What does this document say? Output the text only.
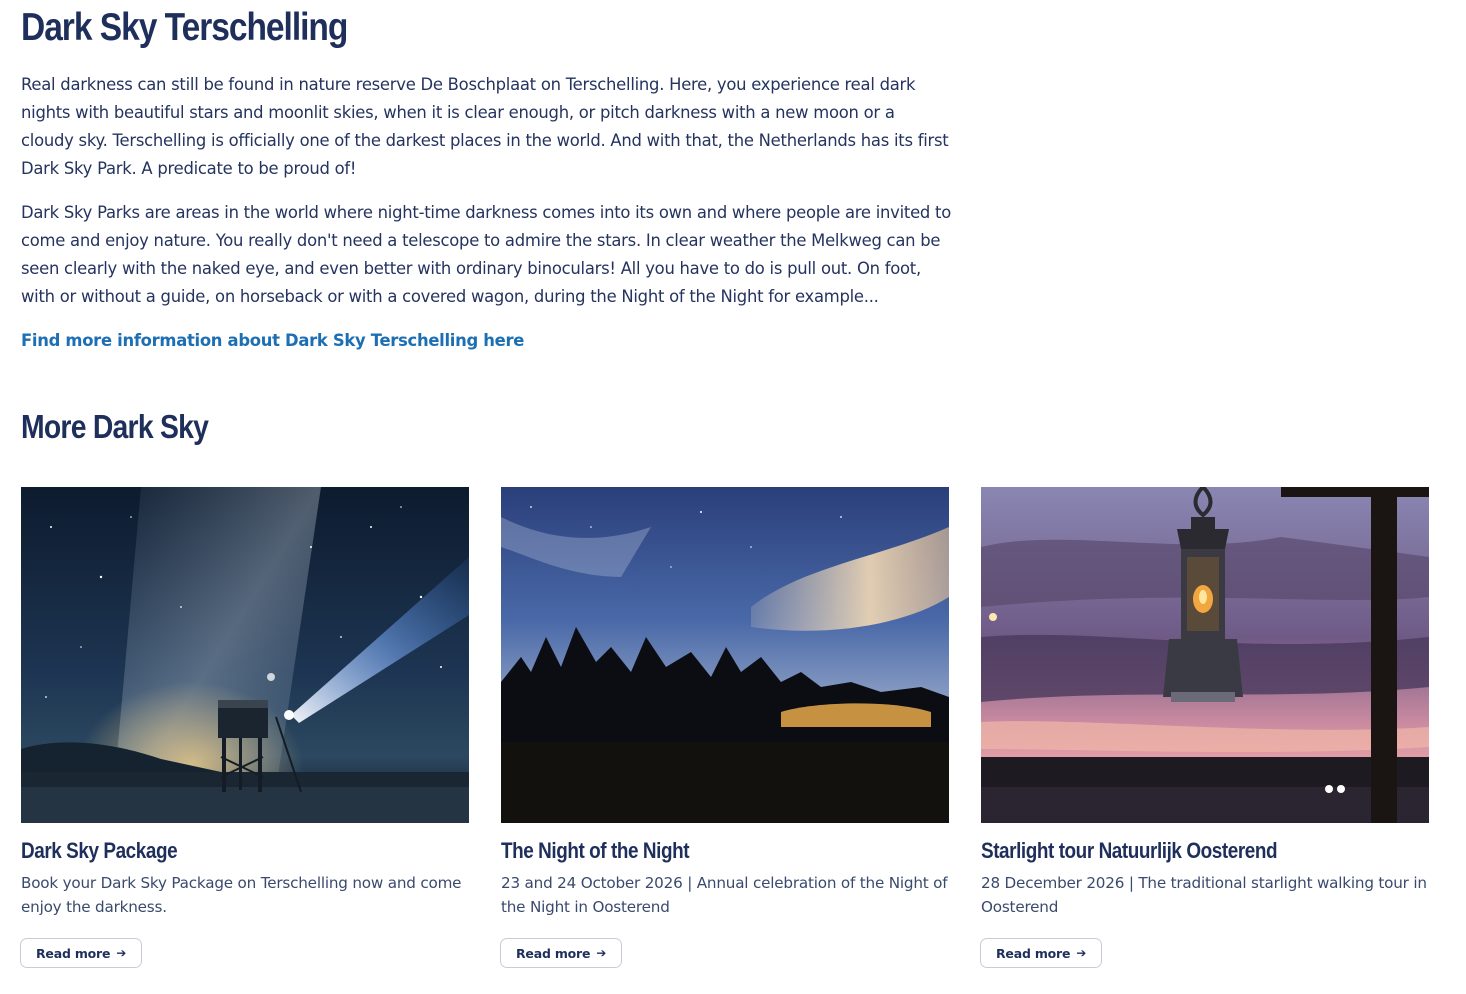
Dark Sky Terschelling

Real darkness can still be found in nature reserve De Boschplaat on Terschelling. Here, you experience real dark nights with beautiful stars and moonlit skies, when it is clear enough, or pitch darkness with a new moon or a cloudy sky. Terschelling is officially one of the darkest places in the world. And with that, the Netherlands has its first Dark Sky Park. A predicate to be proud of!

Dark Sky Parks are areas in the world where night-time darkness comes into its own and where people are invited to come and enjoy nature. You really don't need a telescope to admire the stars. In clear weather the Melkweg can be seen clearly with the naked eye, and even better with ordinary binoculars! All you have to do is pull out. On foot, with or without a guide, on horseback or with a covered wagon, during the Night of the Night for example...

Find more information about Dark Sky Terschelling here
More Dark Sky
Dark Sky Package

Book your Dark Sky Package on Terschelling now and come enjoy the darkness.

Read more ➔
The Night of the Night

23 and 24 October 2026 | Annual celebration of the Night of the Night in Oosterend

Read more ➔
Starlight tour Natuurlijk Oosterend

28 December 2026 | The traditional starlight walking tour in Oosterend

Read more ➔
